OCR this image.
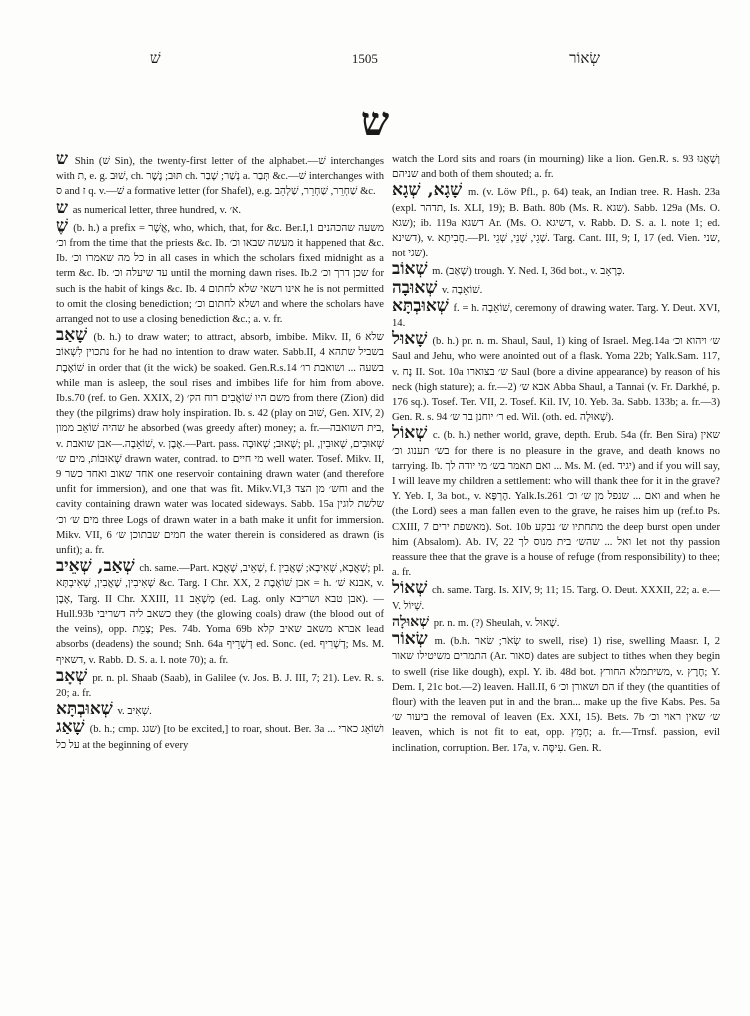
שׁ	1505	שְׂאוֹר
ש

ש Shin (שׁ Sin), the twenty-first letter of the alphabet.—שׁ interchanges with ת, e. g. שׁוּב, ch. תּוּב; נֶשֶׁר ch. נְשַׁר; שָׁבַר a. תְּבַר &c.—שׁ interchanges with ס and ז q. v.—שׁ a formative letter (for Shafel), e.g. שַׁחְרֵר, שַׁחְרֵר, שַׁלְהֵב &c.

ש as numerical letter, three hundred, v. א׳.

שֶׁ (b. h.) a prefix = אֲשֶׁר, who, which, that, for &c. Ber.I,1 משעה שהכהנים וכ׳ from the time that the priests &c. Ib. מעשה שבאו וכ׳ it happened that &c. Ib. כל מה שאמרו וכ׳ in all cases in which the scholars fixed midnight as a term &c. Ib. עד שיעלה וכ׳ until the morning dawn rises. Ib.2 שכן דרך וכ׳ for such is the habit of kings &c. Ib. 4 אינו רשאי שלא לחתום he is not permitted to omit the closing benediction; ושלא לחתום וכ׳ and where the scholars have arranged not to use a closing benediction &c.; a. v. fr.

שָׁאַב (b. h.) to draw water; to attract, absorb, imbibe. Mikv. II, 6 שלא נתכוין לִשְׁאוֹב for he had no intention to draw water. Sabb.II, 4 בשביל שתהא שׁוֹאֶבֶת in order that (it the wick) be soaked. Gen.R.s.14 בשעה ... ושואבת רו׳ while man is asleep, the soul rises and imbibes life for him from above. Ib.s.70 (ref. to Gen. XXIX, 2) משם היו שׁוֹאֲבִים רוח הק׳ from there (Zion) did they (the pilgrims) draw holy inspiration. Ib. s. 42 (play on שׁוּב, Gen. XIV, 2) שהיה שׁוֹאֵב ממון he absorbed (was greedy after) money; a. fr.—בית השואבה, v. שׁוֹאֵבָה.—אבן שואבת, v. אֶבֶן.—Part. pass. שָׁאוּב; שְׁאוּבָה; pl. שְׁאוּבִים, שְׁאוּבִין, שְׁאוּבוֹת, מים ש׳ drawn water, contrad. to מי חיים well water. Tosef. Mikv. II, 9 אחד שאוב ואחד כשר one reservoir containing drawn water (and therefore unfit for immersion), and one that was fit. Mikv.VI,3 וחש׳ מן הצד and the cavity containing drawn water was located sideways. Sabb. 15a שלשת לוגין מים ש׳ וכ׳ three Logs of drawn water in a bath make it unfit for immersion. Mikv. VII, 6 חמים שבתוכן ש׳ the water therein is considered as drawn (is unfit); a. fr.

שְׁאַב, שְׁאֵיב ch. same.—Part. שָׁאֵיב, שָׁאֲבָא, f. שָׁאֲבָא, שְׁאִיבָא; שָׁאֲבִין; pl. שְׁאִיבִין, שָׁאֲבִין, שְׁאִיבְתָּא &c. Targ. I Chr. XX, 2 אבן שׁוֹאֶבֶת = h. אבנא שׁ׳, v. אֶבֶן, Targ. II Chr. XXIII, 11 מְשָׁאֵב (ed. Lag. only אבן טבא ושריבא). —Hull.93b כשאב ליה דשריבי they (the glowing coals) draw (the blood out of the veins), opp. צָמֵת; Pes. 74b. Yoma 69b אברא משאב שאיב קלא lead absorbs (deadens) the sound; Snh. 64a דְשָׁרֵיף ed. Sonc. (ed. דְשָׁרִיף; Ms. M. דשאיף, v. Rabb. D. S. a. l. note 70); a. fr.

שְׁאָב pr. n. pl. Shaab (Saab), in Galilee (v. Jos. B. J. III, 7; 21). Lev. R. s. 20; a. fr.

שְׁאוּבְתָּא v. שְׁאִיב.

שָׁאַג (b. h.; cmp. שגג) [to be excited,] to roar, shout. Ber. 3a ושׁוֹאֵג כארי ... על כל at the beginning of every

watch the Lord sits and roars (in mourning) like a lion. Gen.R. s. 93 וְשָׁאֲגוּ שניהם and both of them shouted; a. fr.

שָׁגָא, שְׁגָא m. (v. Löw Pfl., p. 64) teak, an Indian tree. R. Hash. 23a (expl. תדהר, Is. XLI, 19); B. Bath. 80b (Ms. R. שגא). Sabb. 129a (Ms. O. שגא); ib. 119a דשגא Ar. (Ms. O. דשיגא, v. Rabb. D. S. a. l. note 1; ed. דשינא), v. חֲבִיתָא.—Pl. שָׁגֵי, שָׁנֵי, שְׁגֵי. Targ. Cant. III, 9; I, 17 (ed. Vien. שני, not שגי).

שְׁאוֹב m. (שָׁאַב) trough. Y. Ned. I, 36d bot., v. כְּרָאָב.

שְׁאוּבָה v. שׁוֹאֵבָה.

שְׁאוּבְתָּא f. = h. שׁוֹאֵבָה, ceremony of drawing water. Targ. Y. Deut. XVI, 14.

שָׁאוּל (b. h.) pr. n. m. Shaul, Saul, 1) king of Israel. Meg.14a ש׳ ויהוא וכ׳ Saul and Jehu, who were anointed out of a flask. Yoma 22b; Yalk.Sam. 117, v. נָח II. Sot. 10a ש׳ בצוארו Saul (bore a divine appearance) by reason of his neck (high stature); a. fr.—2) אבא ש׳ Abba Shaul, a Tannai (v. Fr. Darkhé, p. 176 sq.). Tosef. Ter. VII, 2. Tosef. Kil. IV, 10. Yeb. 3a. Sabb. 133b; a. fr.—3) Gen. R. s. 94 ר׳ יוחנן בר ש׳ ed. Wil. (oth. ed. שְׁאוּלָה).

שְׁאוֹל c. (b. h.) nether world, grave, depth. Erub. 54a (fr. Ben Sira) שאין בש׳ תענוג וכ׳ for there is no pleasure in the grave, and death knows no tarrying. Ib. ואם תאמר בש׳ מי יודה לך ... Ms. M. (ed. יגיד) and if you will say, I will leave my children a settlement: who will thank thee for it in the grave? Y. Yeb. I, 3a bot., v. הֶרְפָּא. Yalk.Is.261 ואם ... שנפל מן ש׳ וכ׳ and when he (the Lord) sees a man fallen even to the grave, he raises him up (ref.to Ps. CXIII, 7 מאשפת ירים). Sot. 10b מתחתיו ש׳ נבקע the deep burst open under him (Absalom). Ab. IV, 22 ואל ... שהש׳ בית מנוס לך let not thy passion reassure thee that the grave is a house of refuge (from responsibility) to thee; a. fr.

שְׁאוֹל ch. same. Targ. Is. XIV, 9; 11; 15. Targ. O. Deut. XXXII, 22; a. e.—V. שְׁיוֹל.

שְׁאוּלָה pr. n. m. (?) Sheulah, v. שָׁאוּל.

שְׂאוֹר m. (b.h. שְׂאֹר; שׂאר to swell, rise) 1) rise, swelling Maasr. I, 2 התמרים משיטילו שאור (Ar. סאור) dates are subject to tithes when they begin to swell (rise like dough), expl. Y. ib. 48d bot. משיתמלא החורץ, v. חֶרֶץ; Y. Dem. I, 21c bot.—2) leaven. Hall.II, 6 הם ושאורן וכ׳ if they (the quantities of flour) with the leaven put in and the bran... make up the five Kabs. Pes. 5a ביעור ש׳ the removal of leaven (Ex. XXI, 15). Bets. 7b ש׳ שאין ראוי וכ׳ leaven, which is not fit to eat, opp. חָמֵץ; a. fr.—Trnsf. passion, evil inclination, corruption. Ber. 17a, v. עִיסָּה. Gen. R.
